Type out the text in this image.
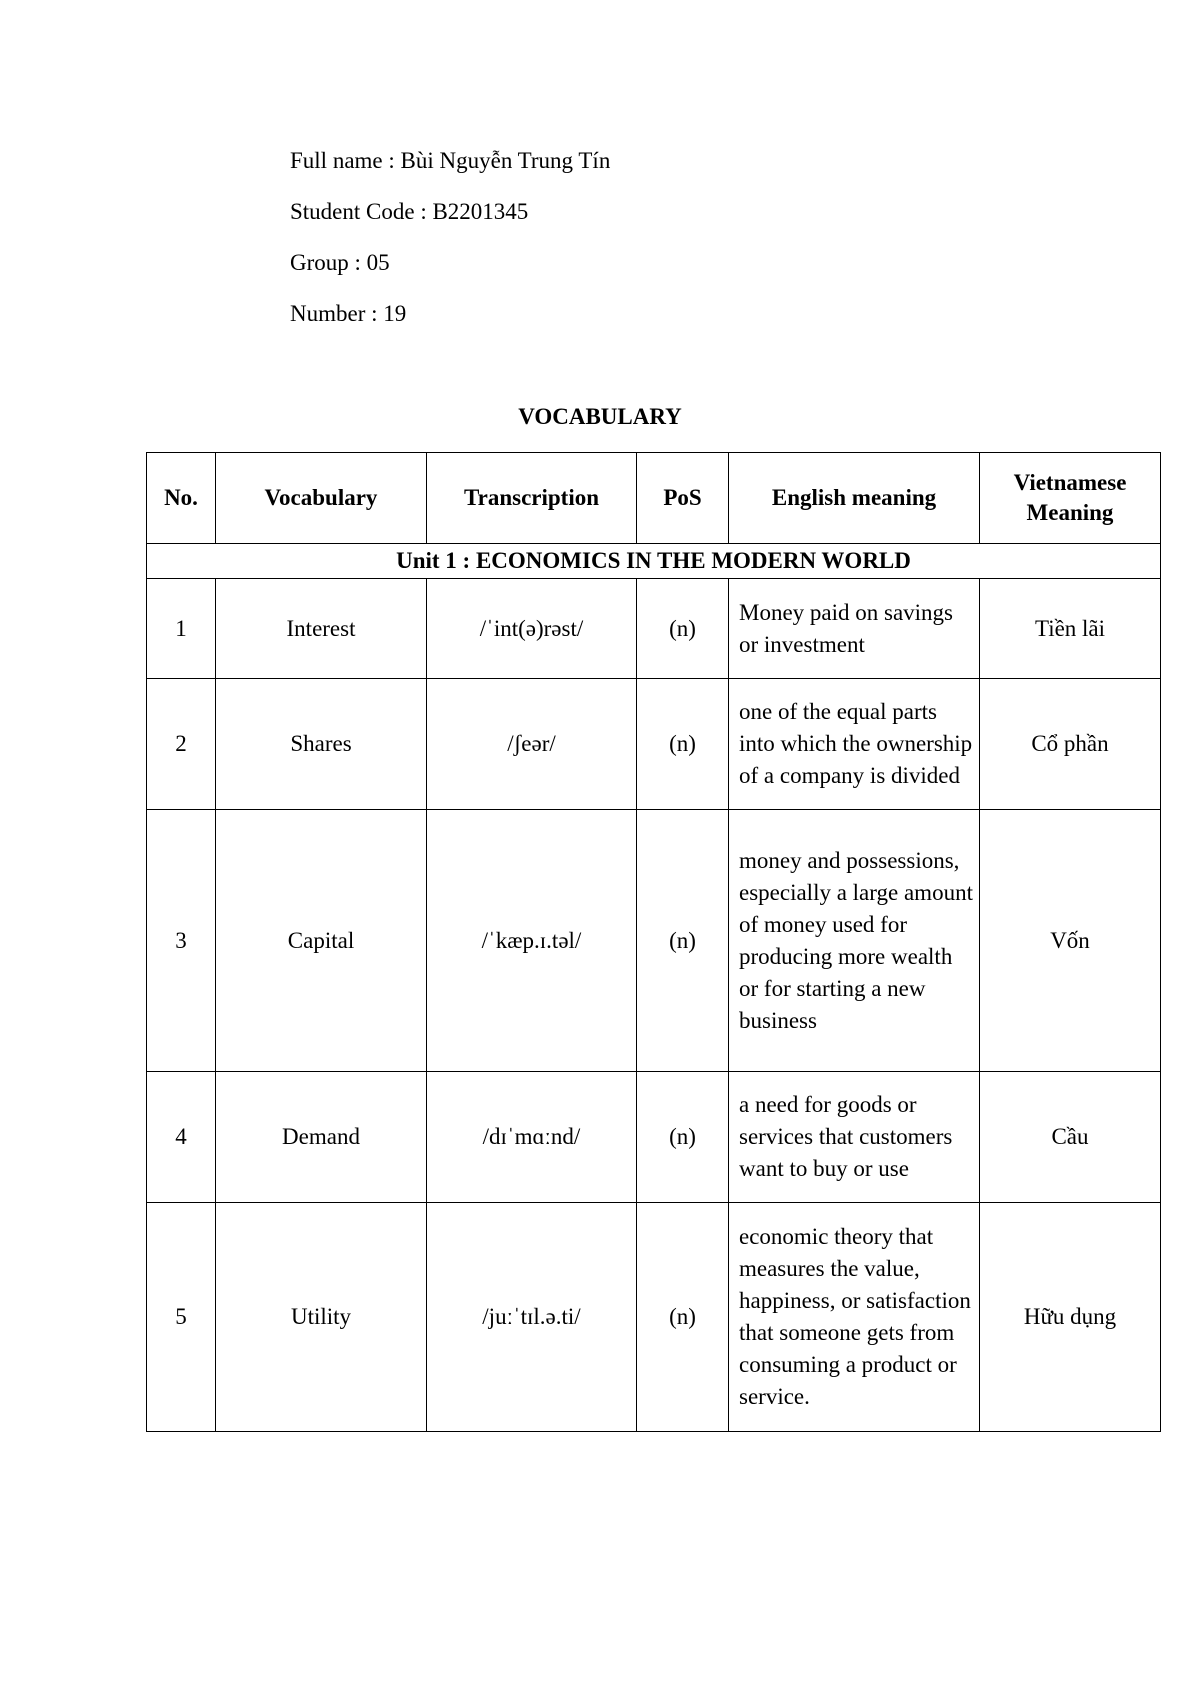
Full name : Bùi Nguyễn Trung Tín
Student Code : B2201345
Group : 05
Number : 19
VOCABULARY
No.	Vocabulary	Transcription	PoS	English meaning	Vietnamese
Meaning

Unit 1 : ECONOMICS IN THE MODERN WORLD					
1	Interest	/ˈint(ə)rəst/	(n)	Money paid on savings or investment	Tiền lãi
2	Shares	/ʃeər/	(n)	one of the equal parts into which the ownership of a company is divided	Cổ phần
3	Capital	/ˈkæp.ɪ.təl/	(n)	money and possessions, especially a large amount of money used for producing more wealth or for starting a new business	Vốn
4	Demand	/dɪˈmɑːnd/	(n)	a need for goods or services that customers want to buy or use	Cầu
5	Utility	/juːˈtɪl.ə.ti/	(n)	economic theory that measures the value, happiness, or satisfaction that someone gets from consuming a product or service.	Hữu dụng
